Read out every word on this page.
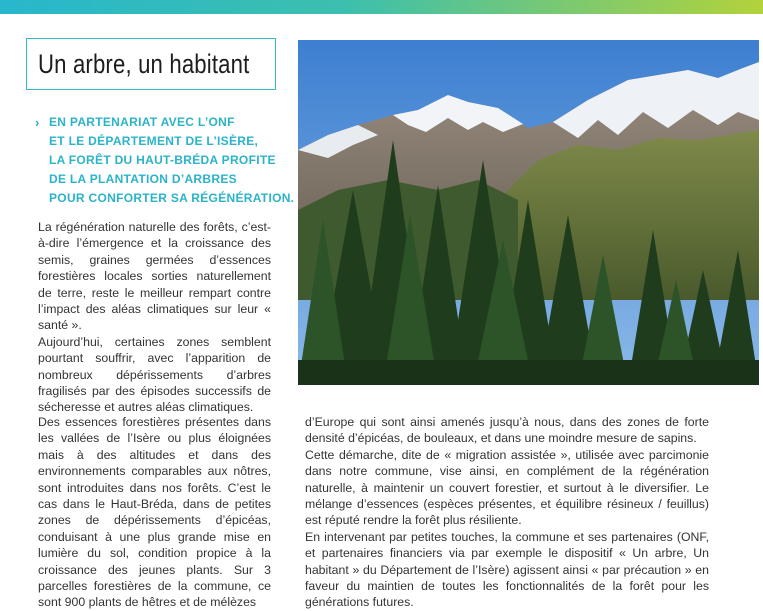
Un arbre, un habitant
› EN PARTENARIAT AVEC L’ONF
ET LE DÉPARTEMENT DE L’ISÈRE,
LA FORÊT DU HAUT-BRÉDA PROFITE
DE LA PLANTATION D’ARBRES
POUR CONFORTER SA RÉGÉNÉRATION.

La régénération naturelle des forêts, c’est-à-dire l’émergence et la croissance des semis, graines germées d’essences forestières locales sorties naturellement de terre, reste le meilleur rempart contre l’impact des aléas climatiques sur leur « santé ».

Aujourd’hui, certaines zones semblent pourtant souffrir, avec l’apparition de nombreux dépérissements d’arbres fragilisés par des épisodes successifs de sécheresse et autres aléas climatiques.

Des essences forestières présentes dans les vallées de l’Isère ou plus éloignées mais à des altitudes et dans des environnements comparables aux nôtres, sont introduites dans nos forêts. C’est le cas dans le Haut-Bréda, dans de petites zones de dépérissements d’épicéas, conduisant à une plus grande mise en lumière du sol, condition propice à la croissance des jeunes plants. Sur 3 parcelles forestières de la commune, ce sont 900 plants de hêtres et de mélèzes

d’Europe qui sont ainsi amenés jusqu’à nous, dans des zones de forte densité d’épicéas, de bouleaux, et dans une moindre mesure de sapins.

Cette démarche, dite de « migration assistée », utilisée avec parcimonie dans notre commune, vise ainsi, en complément de la régénération naturelle, à maintenir un couvert forestier, et surtout à le diversifier. Le mélange d’essences (espèces présentes, et équilibre résineux / feuillus) est réputé rendre la forêt plus résiliente.

En intervenant par petites touches, la commune et ses partenaires (ONF, et partenaires financiers via par exemple le dispositif « Un arbre, Un habitant » du Département de l’Isère) agissent ainsi « par précaution » en faveur du maintien de toutes les fonctionnalités de la forêt pour les générations futures.
